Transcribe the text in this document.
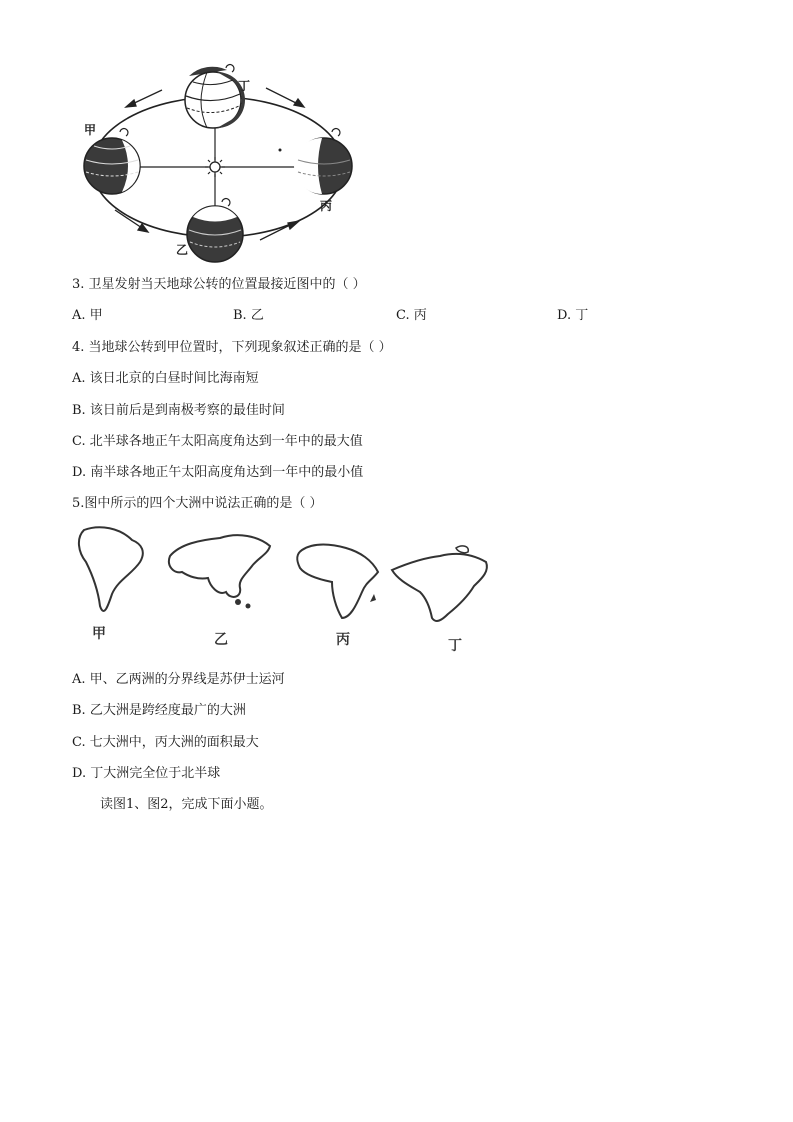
丁
甲
丙
乙
3. 卫星发射当天地球公转的位置最接近图中的（ ）
A. 甲	B. 乙	C. 丙	D. 丁
4. 当地球公转到甲位置时，下列现象叙述正确的是（ ）
A. 该日北京的白昼时间比海南短
B. 该日前后是到南极考察的最佳时间
C. 北半球各地正午太阳高度角达到一年中的最大值
D. 南半球各地正午太阳高度角达到一年中的最小值
5.图中所示的四个大洲中说法正确的是（ ）
甲	乙	丙	丁
A. 甲、乙两洲的分界线是苏伊士运河
B. 乙大洲是跨经度最广的大洲
C. 七大洲中，丙大洲的面积最大
D. 丁大洲完全位于北半球
读图1、图2，完成下面小题。
